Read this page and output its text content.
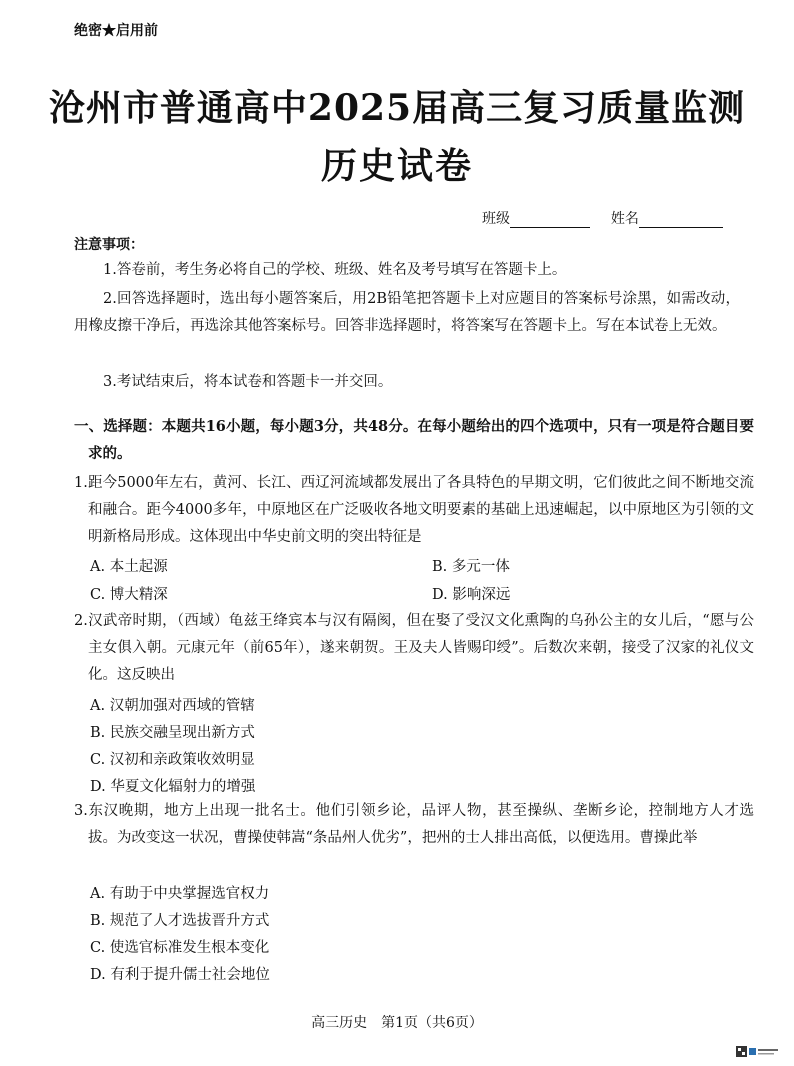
绝密★启用前
沧州市普通高中2025届高三复习质量监测
历史试卷
班级	姓名
注意事项：
1.答卷前，考生务必将自己的学校、班级、姓名及考号填写在答题卡上。
2.回答选择题时，选出每小题答案后，用2B铅笔把答题卡上对应题目的答案标号涂黑，如需改动，用橡皮擦干净后，再选涂其他答案标号。回答非选择题时，将答案写在答题卡上。写在本试卷上无效。
3.考试结束后，将本试卷和答题卡一并交回。
一、选择题：本题共16小题，每小题3分，共48分。在每小题给出的四个选项中，只有一项是符合题目要求的。
1.距今5000年左右，黄河、长江、西辽河流域都发展出了各具特色的早期文明，它们彼此之间不断地交流和融合。距今4000多年，中原地区在广泛吸收各地文明要素的基础上迅速崛起，以中原地区为引领的文明新格局形成。这体现出中华史前文明的突出特征是
A. 本土起源	B. 多元一体
C. 博大精深	D. 影响深远
2.汉武帝时期，（西域）龟兹王绛宾本与汉有隔阂，但在娶了受汉文化熏陶的乌孙公主的女儿后，“愿与公主女俱入朝。元康元年（前65年），遂来朝贺。王及夫人皆赐印绶”。后数次来朝，接受了汉家的礼仪文化。这反映出
A. 汉朝加强对西域的管辖
B. 民族交融呈现出新方式
C. 汉初和亲政策收效明显
D. 华夏文化辐射力的增强
3.东汉晚期，地方上出现一批名士。他们引领乡论，品评人物，甚至操纵、垄断乡论，控制地方人才选拔。为改变这一状况，曹操使韩嵩“条品州人优劣”，把州的士人排出高低，以便选用。曹操此举
A. 有助于中央掌握选官权力
B. 规范了人才选拔晋升方式
C. 使选官标准发生根本变化
D. 有利于提升儒士社会地位
高三历史　第1页（共6页）
